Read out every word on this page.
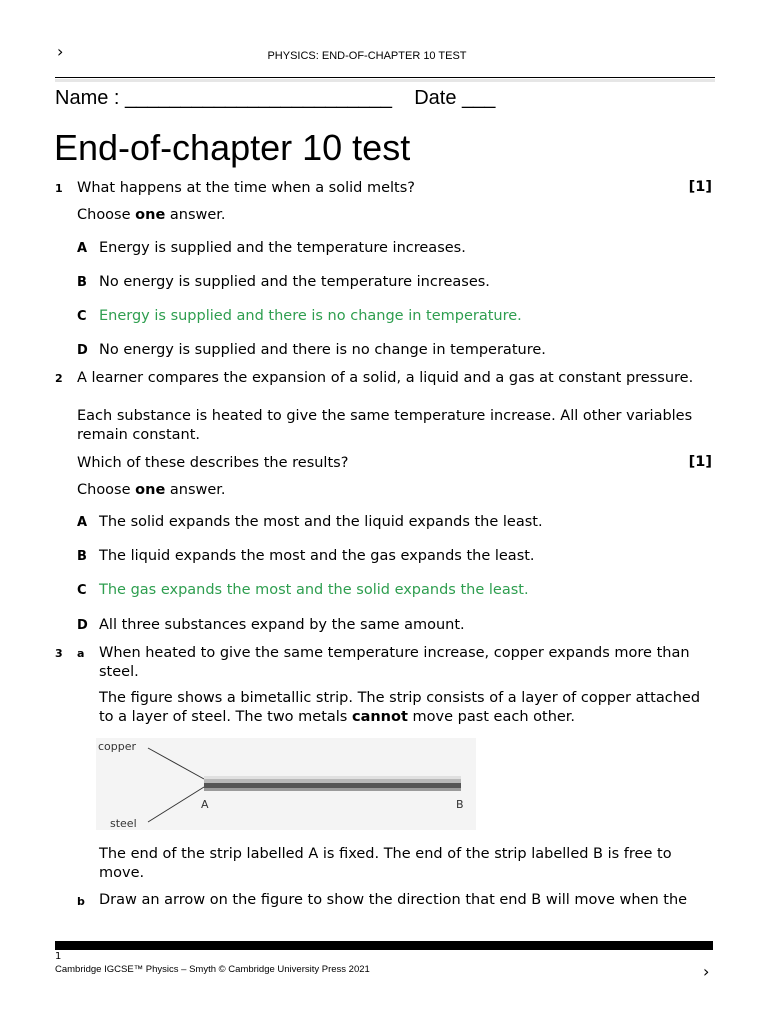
›	PHYSICS: END-OF-CHAPTER 10 TEST
Name : ________________________    Date ___
End-of-chapter 10 test
1 What happens at the time when a solid melts?	[1]
Choose one answer.
A Energy is supplied and the temperature increases.
B No energy is supplied and the temperature increases.
C Energy is supplied and there is no change in temperature.
D No energy is supplied and there is no change in temperature.
2 A learner compares the expansion of a solid, a liquid and a gas at constant pressure.
Each substance is heated to give the same temperature increase. All other variables remain constant.
Which of these describes the results?	[1]
Choose one answer.
A The solid expands the most and the liquid expands the least.
B The liquid expands the most and the gas expands the least.
C The gas expands the most and the solid expands the least.
D All three substances expand by the same amount.
3 a When heated to give the same temperature increase, copper expands more than steel.
The figure shows a bimetallic strip. The strip consists of a layer of copper attached to a layer of steel. The two metals cannot move past each other.
copper
steel
A	B
The end of the strip labelled A is fixed. The end of the strip labelled B is free to move.
b Draw an arrow on the figure to show the direction that end B will move when the
1
Cambridge IGCSE™ Physics – Smyth © Cambridge University Press 2021	›
